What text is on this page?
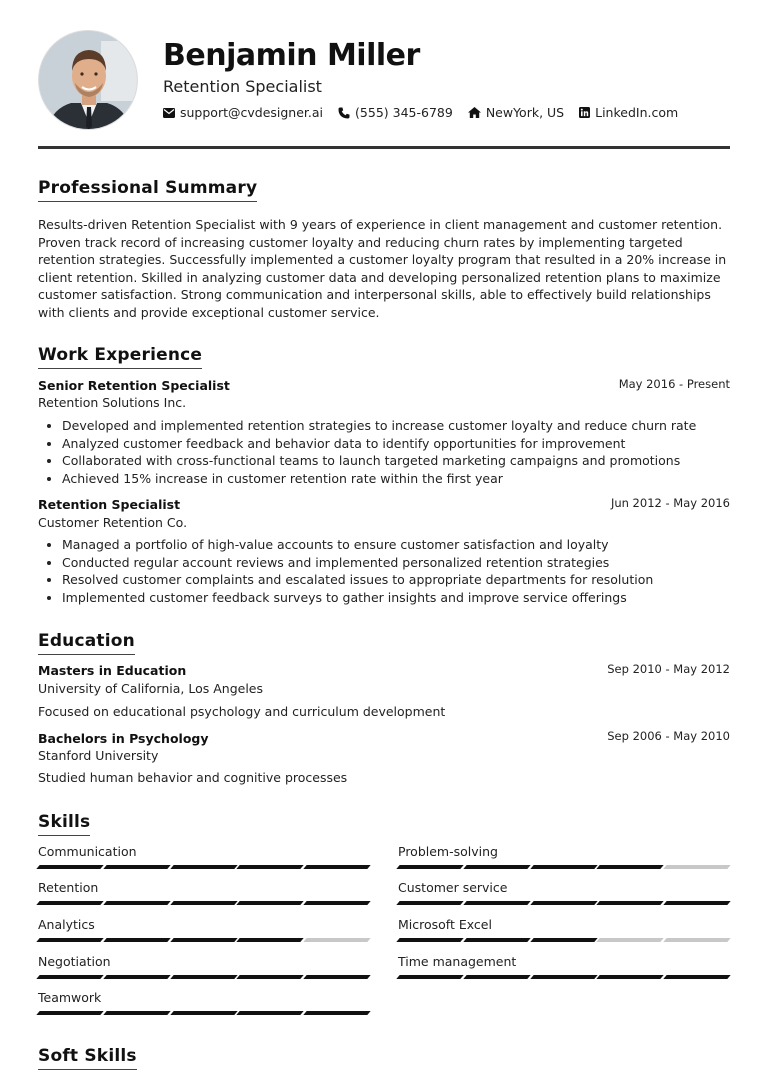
Benjamin Miller
Retention Specialist
support@cvdesigner.ai	(555) 345-6789	NewYork, US LinkedIn.com
Professional Summary
Results-driven Retention Specialist with 9 years of experience in client management and customer retention. Proven track record of increasing customer loyalty and reducing churn rates by implementing targeted retention strategies. Successfully implemented a customer loyalty program that resulted in a 20% increase in client retention. Skilled in analyzing customer data and developing personalized retention plans to maximize customer satisfaction. Strong communication and interpersonal skills, able to effectively build relationships with clients and provide exceptional customer service.
Work Experience
Senior Retention Specialist	May 2016 - Present
Retention Solutions Inc.
Developed and implemented retention strategies to increase customer loyalty and reduce churn rate
Analyzed customer feedback and behavior data to identify opportunities for improvement
Collaborated with cross-functional teams to launch targeted marketing campaigns and promotions
Achieved 15% increase in customer retention rate within the first year
Retention Specialist	Jun 2012 - May 2016
Customer Retention Co.
Managed a portfolio of high-value accounts to ensure customer satisfaction and loyalty
Conducted regular account reviews and implemented personalized retention strategies
Resolved customer complaints and escalated issues to appropriate departments for resolution
Implemented customer feedback surveys to gather insights and improve service offerings
Education
Masters in Education	Sep 2010 - May 2012
University of California, Los Angeles
Focused on educational psychology and curriculum development
Bachelors in Psychology	Sep 2006 - May 2010
Stanford University
Studied human behavior and cognitive processes
Skills
Communication	Problem-solving
Retention	Customer service
Analytics	Microsoft Excel
Negotiation	Time management
Teamwork
Soft Skills
